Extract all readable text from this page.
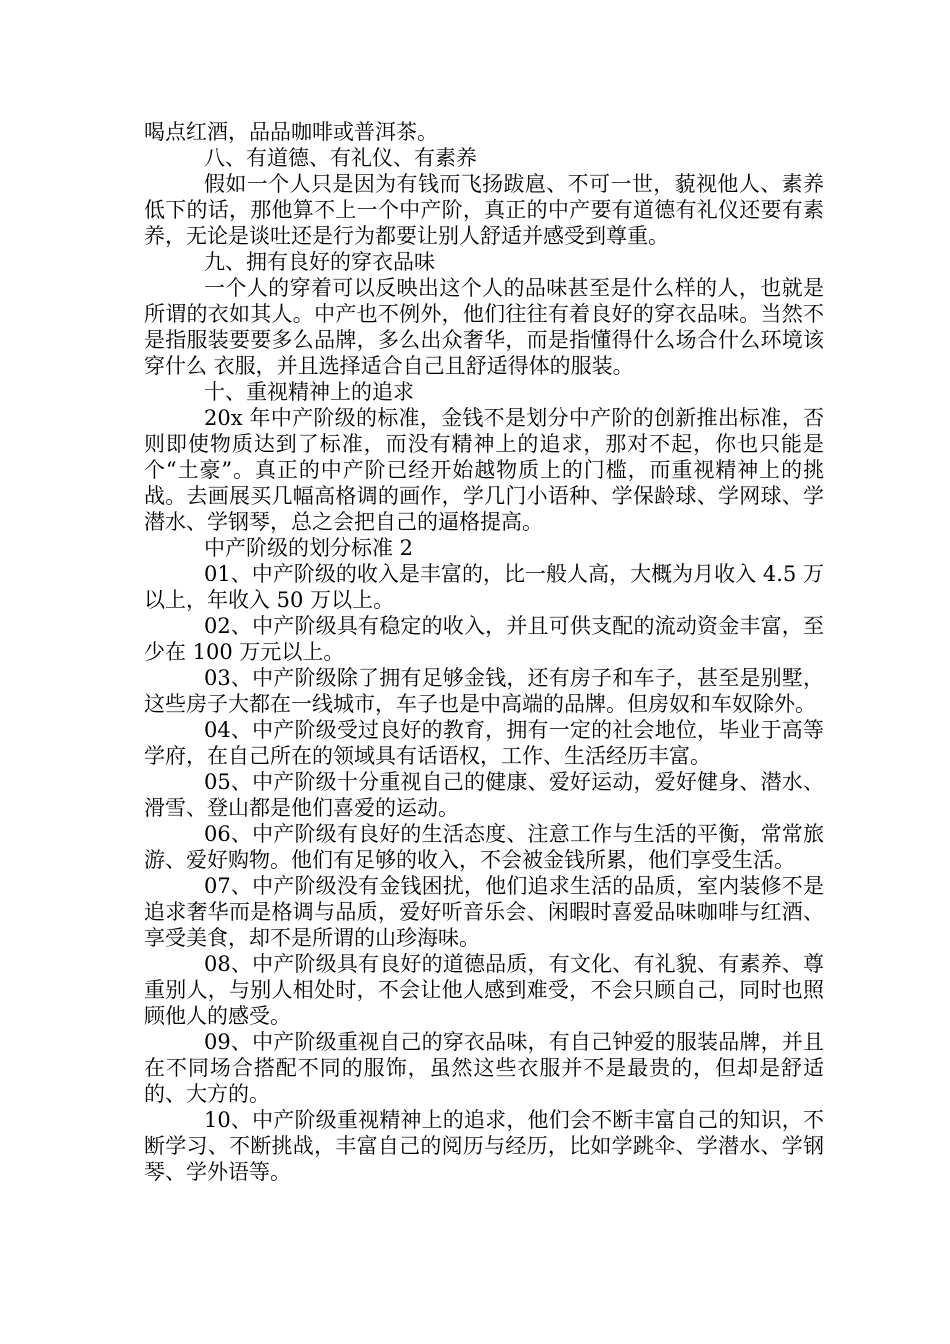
喝点红酒，品品咖啡或普洱茶。

八、有道德、有礼仪、有素养

假如一个人只是因为有钱而飞扬跋扈、不可一世，藐视他人、素养低下的话，那他算不上一个中产阶，真正的中产要有道德有礼仪还要有素养，无论是谈吐还是行为都要让别人舒适并感受到尊重。

九、拥有良好的穿衣品味

一个人的穿着可以反映出这个人的品味甚至是什么样的人，也就是所谓的衣如其人。中产也不例外，他们往往有着良好的穿衣品味。当然不是指服装要要多么品牌，多么出众奢华，而是指懂得什么场合什么环境该穿什么 衣服，并且选择适合自己且舒适得体的服装。

十、重视精神上的追求

20x 年中产阶级的标准，金钱不是划分中产阶的创新推出标准，否则即使物质达到了标准，而没有精神上的追求，那对不起，你也只能是个“土豪”。真正的中产阶已经开始越物质上的门槛，而重视精神上的挑战。去画展买几幅高格调的画作，学几门小语种、学保龄球、学网球、学潜水、学钢琴，总之会把自己的逼格提高。

中产阶级的划分标准 2

01、中产阶级的收入是丰富的，比一般人高，大概为月收入 4.5 万以上，年收入 50 万以上。

02、中产阶级具有稳定的收入，并且可供支配的流动资金丰富，至少在 100 万元以上。

03、中产阶级除了拥有足够金钱，还有房子和车子，甚至是别墅，这些房子大都在一线城市，车子也是中高端的品牌。但房奴和车奴除外。

04、中产阶级受过良好的教育，拥有一定的社会地位，毕业于高等学府，在自己所在的领域具有话语权，工作、生活经历丰富。

05、中产阶级十分重视自己的健康、爱好运动，爱好健身、潜水、滑雪、登山都是他们喜爱的运动。

06、中产阶级有良好的生活态度、注意工作与生活的平衡，常常旅游、爱好购物。他们有足够的收入，不会被金钱所累，他们享受生活。

07、中产阶级没有金钱困扰，他们追求生活的品质，室内装修不是追求奢华而是格调与品质，爱好听音乐会、闲暇时喜爱品味咖啡与红酒、享受美食，却不是所谓的山珍海味。

08、中产阶级具有良好的道德品质，有文化、有礼貌、有素养、尊重别人，与别人相处时，不会让他人感到难受，不会只顾自己，同时也照顾他人的感受。

09、中产阶级重视自己的穿衣品味，有自己钟爱的服装品牌，并且在不同场合搭配不同的服饰，虽然这些衣服并不是最贵的，但却是舒适的、大方的。

10、中产阶级重视精神上的追求，他们会不断丰富自己的知识，不断学习、不断挑战，丰富自己的阅历与经历，比如学跳伞、学潜水、学钢琴、学外语等。
